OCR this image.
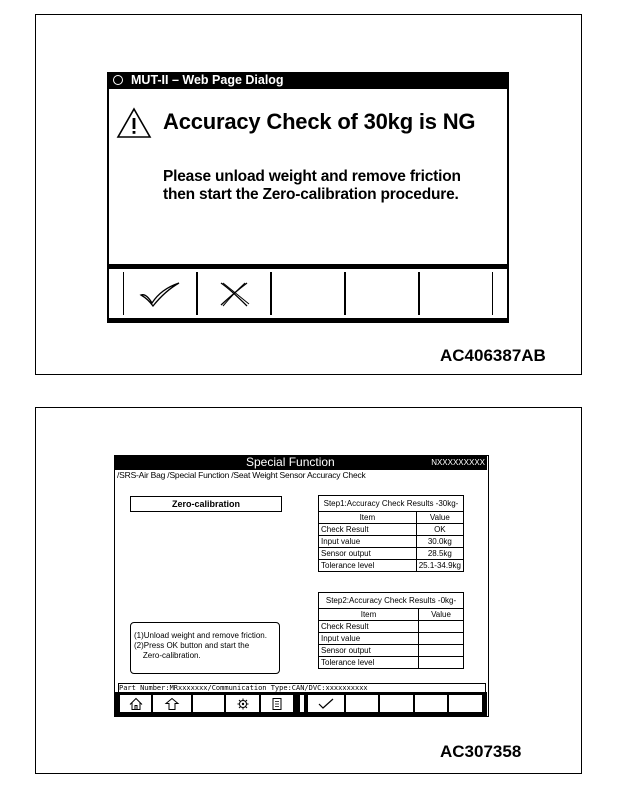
MUT-II – Web Page Dialog
Accuracy Check of 30kg is NG
Please unload weight and remove friction
then start the Zero-calibration procedure.
AC406387AB
AC307358
Special Function	NXXXXXXXXX
/SRS-Air Bag /Special Function /Seat Weight Sensor Accuracy Check
Zero-calibration
(1)Unload weight and remove friction.
(2)Press OK button and start the
Zero-calibration.
Step1:Accuracy Check Results -30kg-	
Item	Value
Check Result	OK
Input value	30.0kg
Sensor output	28.5kg
Tolerance level	25.1-34.9kg
Step2:Accuracy Check Results -0kg-	
Item	Value
Check Result	
Input value	
Sensor output	
Tolerance level	
Part Number:MRxxxxxxx/Communication Type:CAN/DVC:xxxxxxxxxx
